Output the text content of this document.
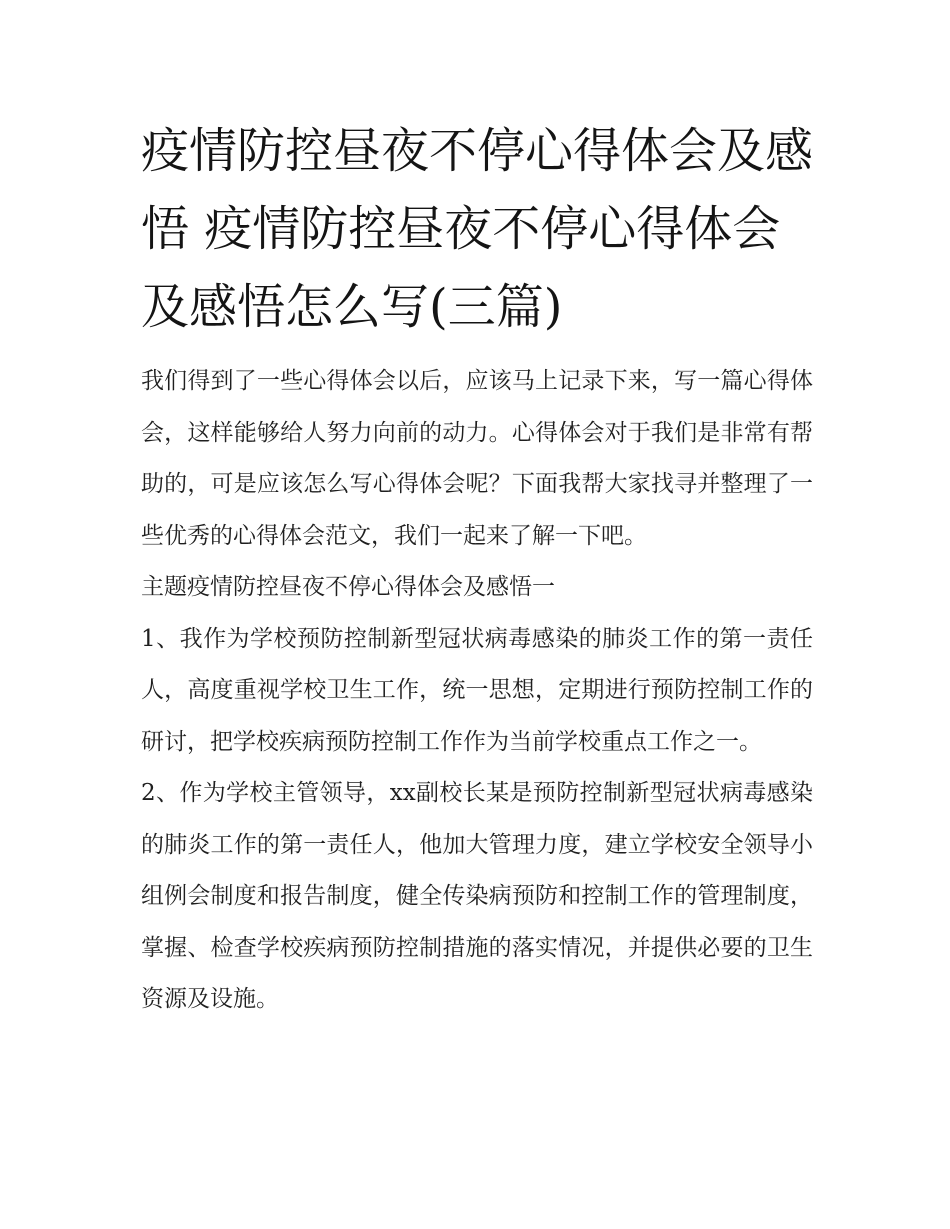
疫情防控昼夜不停心得体会及感悟 疫情防控昼夜不停心得体会及感悟怎么写(三篇)

我们得到了一些心得体会以后，应该马上记录下来，写一篇心得体会，这样能够给人努力向前的动力。心得体会对于我们是非常有帮助的，可是应该怎么写心得体会呢？下面我帮大家找寻并整理了一些优秀的心得体会范文，我们一起来了解一下吧。

主题疫情防控昼夜不停心得体会及感悟一

1、我作为学校预防控制新型冠状病毒感染的肺炎工作的第一责任人，高度重视学校卫生工作，统一思想，定期进行预防控制工作的研讨，把学校疾病预防控制工作作为当前学校重点工作之一。

2、作为学校主管领导，xx副校长某是预防控制新型冠状病毒感染的肺炎工作的第一责任人，他加大管理力度，建立学校安全领导小组例会制度和报告制度，健全传染病预防和控制工作的管理制度，掌握、检查学校疾病预防控制措施的落实情况，并提供必要的卫生资源及设施。
